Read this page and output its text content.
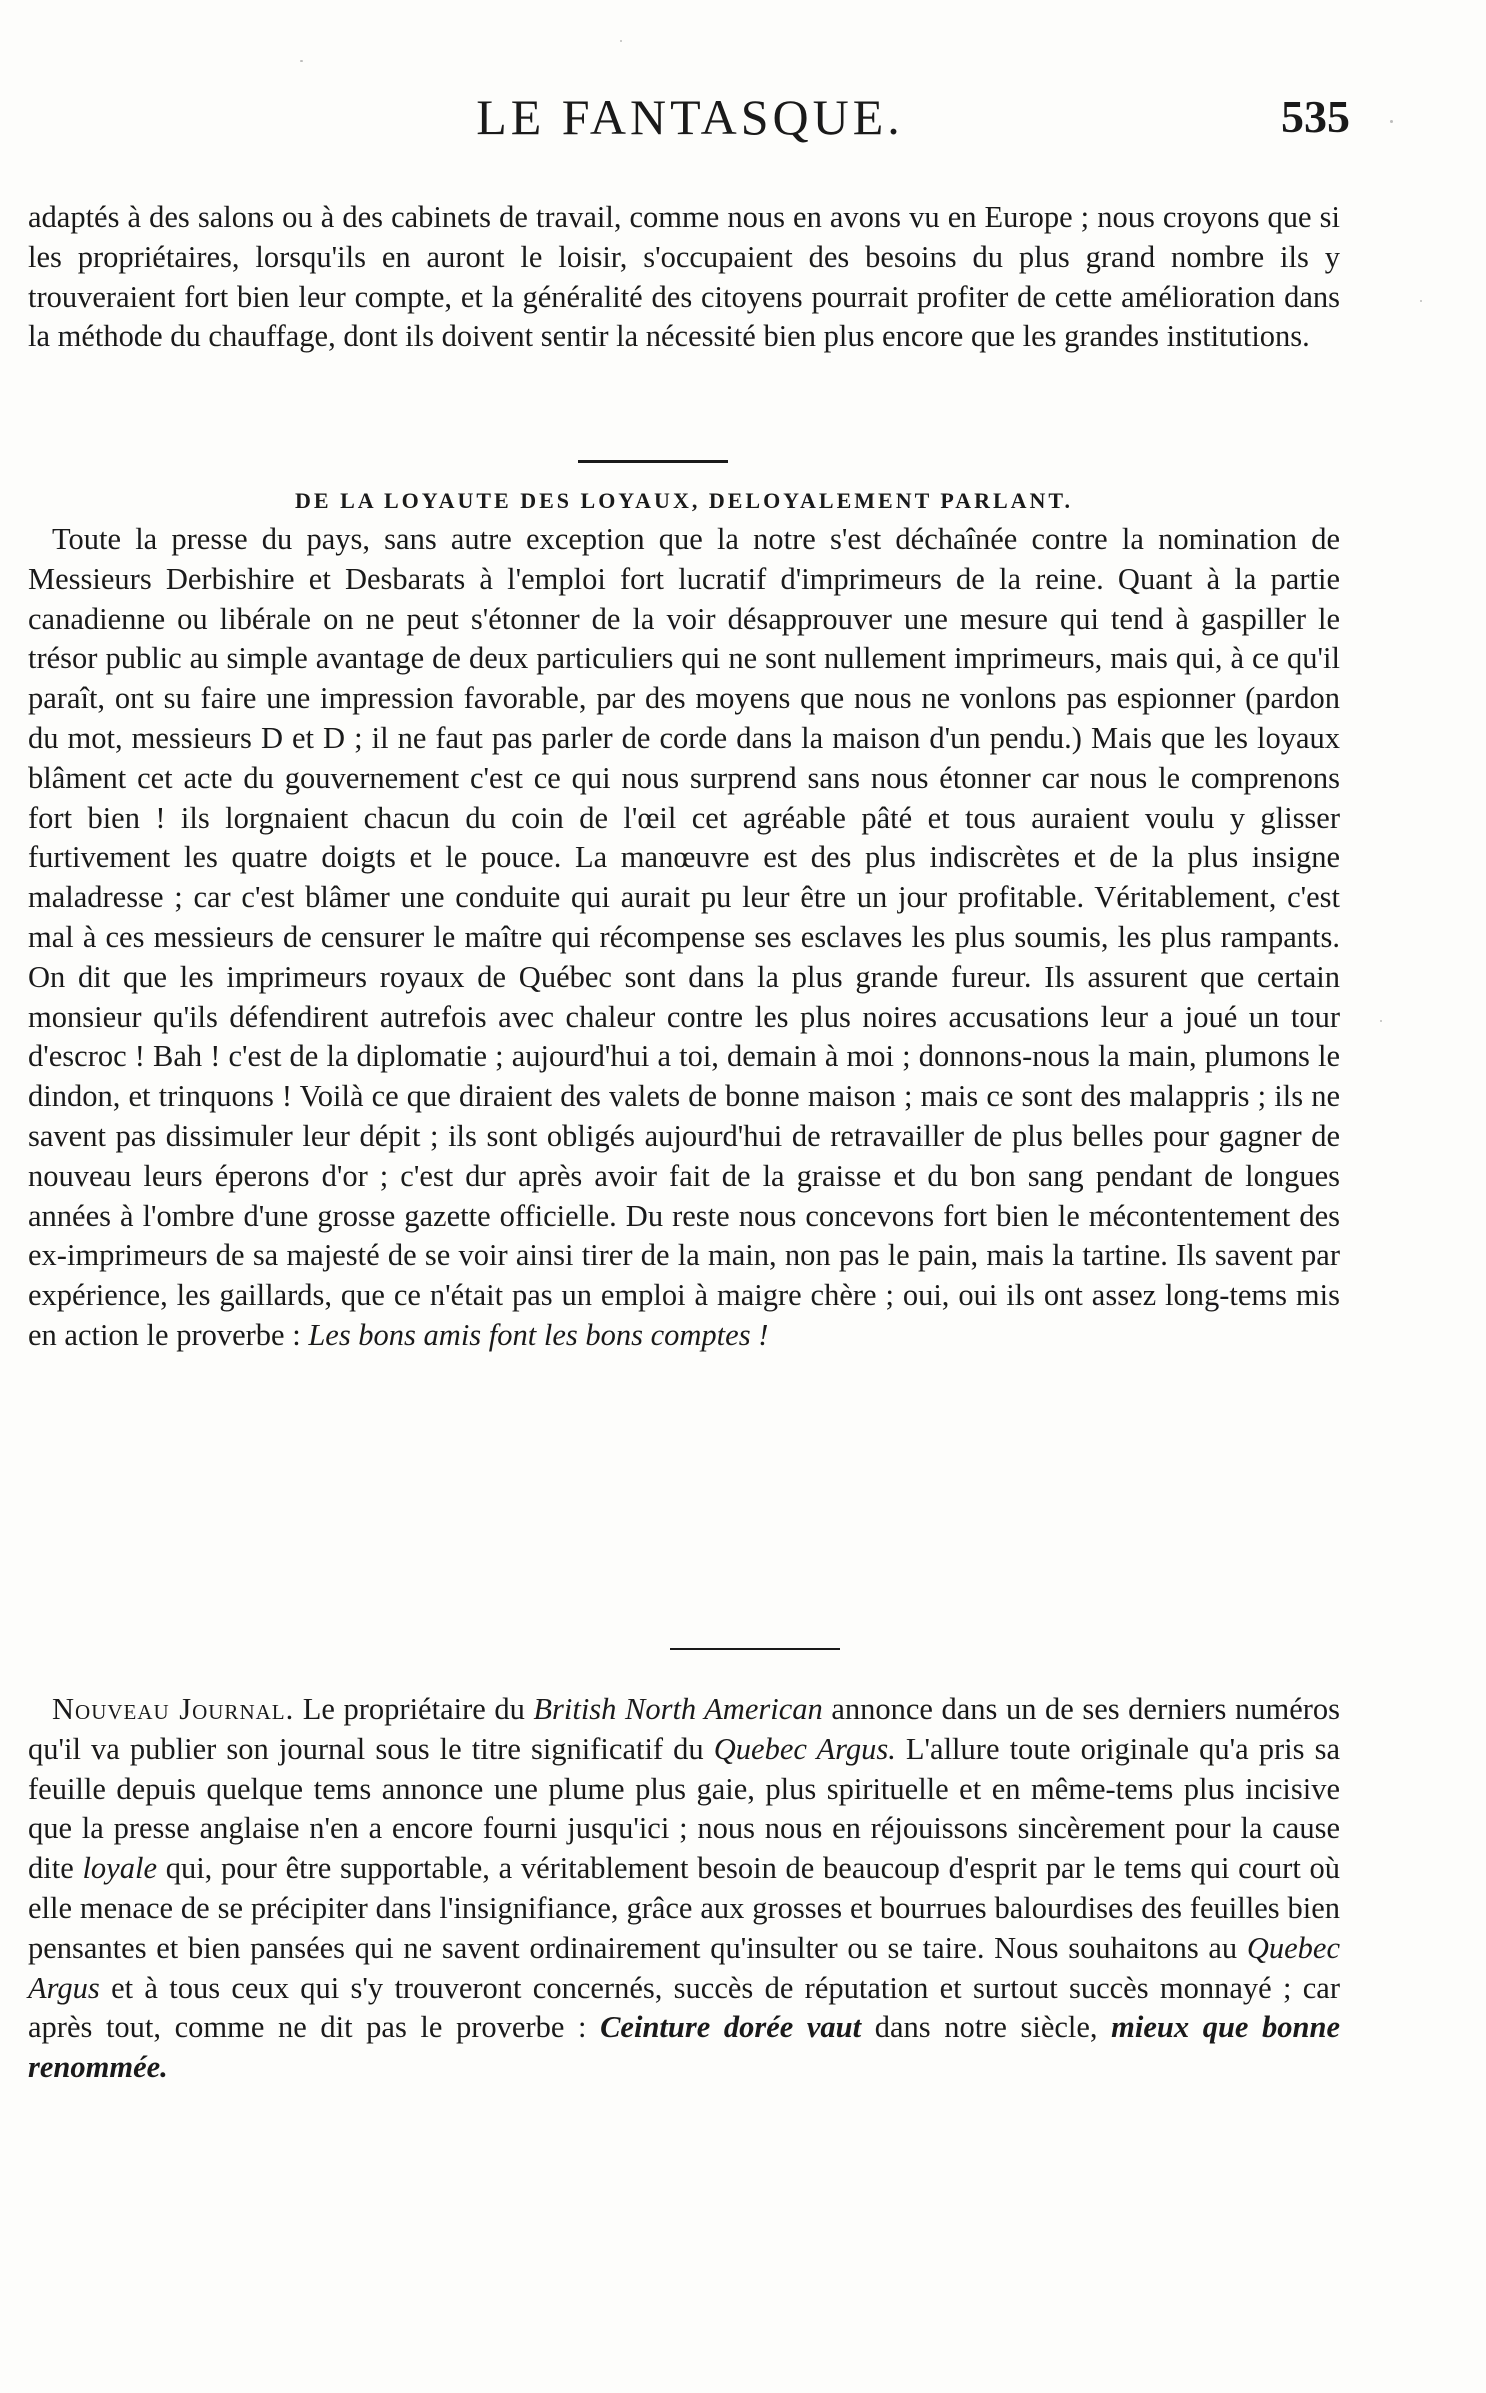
LE FANTASQUE.	535

adaptés à des salons ou à des cabinets de travail, comme nous en avons vu en Europe ; nous croyons que si les propriétaires, lorsqu'ils en auront le loisir, s'occupaient des besoins du plus grand nombre ils y trouveraient fort bien leur compte, et la généralité des citoyens pourrait profiter de cette amélioration dans la méthode du chauffage, dont ils doivent sentir la nécessité bien plus encore que les grandes institutions.

DE LA LOYAUTE DES LOYAUX, DELOYALEMENT PARLANT.

Toute la presse du pays, sans autre exception que la notre s'est déchaînée contre la nomination de Messieurs Derbishire et Desbarats à l'emploi fort lucratif d'imprimeurs de la reine. Quant à la partie canadienne ou libérale on ne peut s'étonner de la voir désapprouver une mesure qui tend à gaspiller le trésor public au simple avantage de deux particuliers qui ne sont nullement imprimeurs, mais qui, à ce qu'il paraît, ont su faire une impression favorable, par des moyens que nous ne vonlons pas espionner (pardon du mot, messieurs D et D ; il ne faut pas parler de corde dans la maison d'un pendu.) Mais que les loyaux blâment cet acte du gouvernement c'est ce qui nous surprend sans nous étonner car nous le comprenons fort bien ! ils lorgnaient chacun du coin de l'œil cet agréable pâté et tous auraient voulu y glisser furtivement les quatre doigts et le pouce. La manœuvre est des plus indiscrètes et de la plus insigne maladresse ; car c'est blâmer une conduite qui aurait pu leur être un jour profitable. Véritablement, c'est mal à ces messieurs de censurer le maître qui récompense ses esclaves les plus soumis, les plus rampants. On dit que les imprimeurs royaux de Québec sont dans la plus grande fureur. Ils assurent que certain monsieur qu'ils défendirent autrefois avec chaleur contre les plus noires accusations leur a joué un tour d'escroc ! Bah ! c'est de la diplomatie ; aujourd'hui a toi, demain à moi ; donnons-nous la main, plumons le dindon, et trinquons ! Voilà ce que diraient des valets de bonne maison ; mais ce sont des malappris ; ils ne savent pas dissimuler leur dépit ; ils sont obligés aujourd'hui de retravailler de plus belles pour gagner de nouveau leurs éperons d'or ; c'est dur après avoir fait de la graisse et du bon sang pendant de longues années à l'ombre d'une grosse gazette officielle. Du reste nous concevons fort bien le mécontentement des ex-imprimeurs de sa majesté de se voir ainsi tirer de la main, non pas le pain, mais la tartine. Ils savent par expérience, les gaillards, que ce n'était pas un emploi à maigre chère ; oui, oui ils ont assez long-tems mis en action le proverbe : Les bons amis font les bons comptes !

Nouveau Journal. Le propriétaire du British North American annonce dans un de ses derniers numéros qu'il va publier son journal sous le titre significatif du Quebec Argus. L'allure toute originale qu'a pris sa feuille depuis quelque tems annonce une plume plus gaie, plus spirituelle et en même-tems plus incisive que la presse anglaise n'en a encore fourni jusqu'ici ; nous nous en réjouissons sincèrement pour la cause dite loyale qui, pour être supportable, a véritablement besoin de beaucoup d'esprit par le tems qui court où elle menace de se précipiter dans l'insignifiance, grâce aux grosses et bourrues balourdises des feuilles bien pensantes et bien pansées qui ne savent ordinairement qu'insulter ou se taire. Nous souhaitons au Quebec Argus et à tous ceux qui s'y trouveront concernés, succès de réputation et surtout succès monnayé ; car après tout, comme ne dit pas le proverbe : Ceinture dorée vaut dans notre siècle, mieux que bonne renommée.
